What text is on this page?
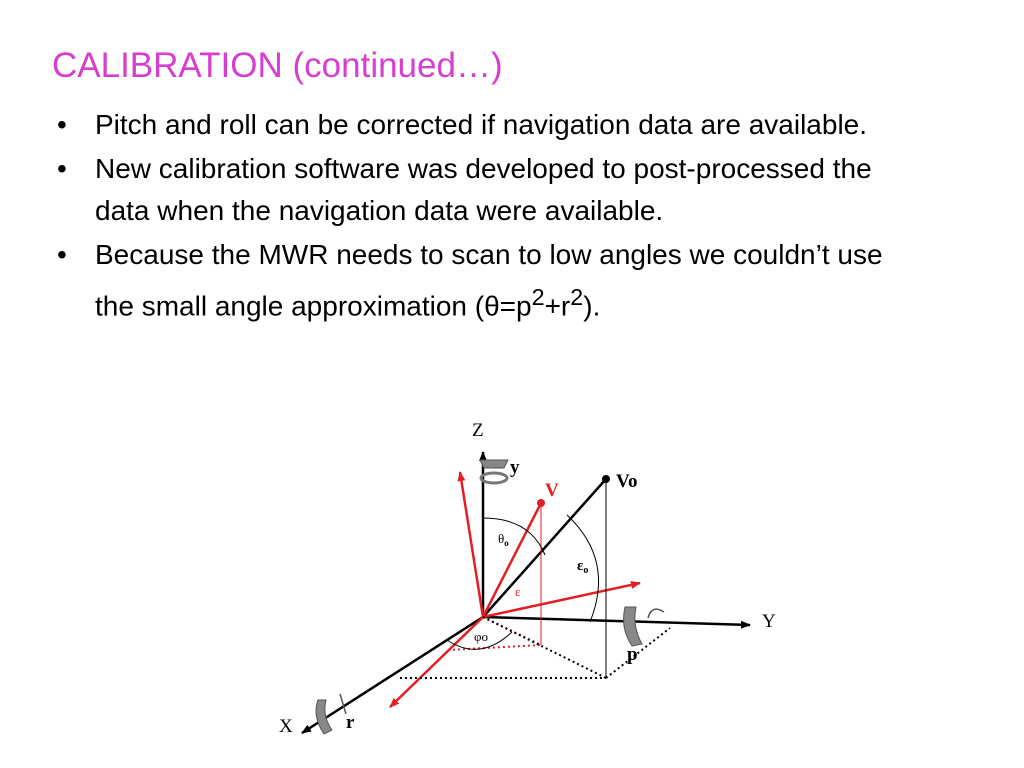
CALIBRATION (continued…)
• Pitch and roll can be corrected if navigation data are available.
• New calibration software was developed to post-processed the data when the navigation data were available.
• Because the MWR needs to scan to low angles we couldn’t use the small angle approximation $(\theta=p^2+r^2)$.
Z
Y
X
y
p
r
V	Vo
$\theta_o$
$\varepsilon_o$
ε
φo
